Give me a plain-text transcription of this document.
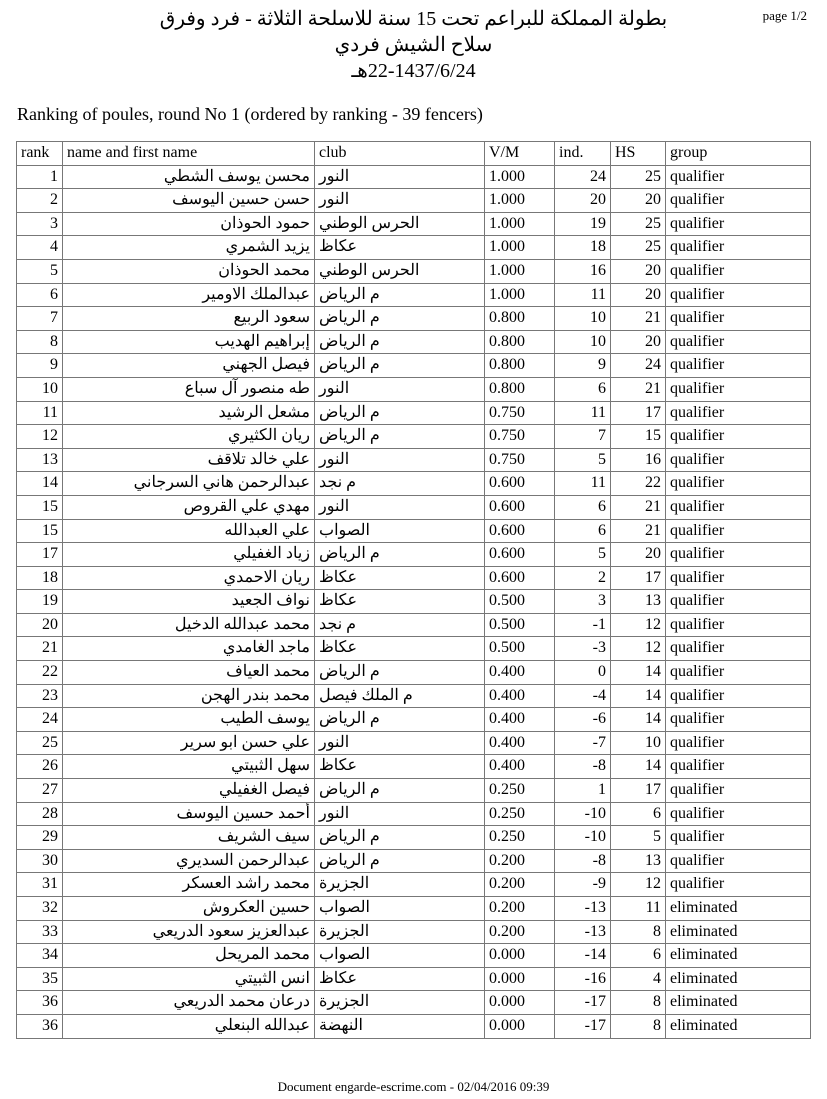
بطولة المملكة للبراعم تحت 15 سنة للاسلحة الثلاثة - فرد وفرق
سلاح الشيش فردي
22-1437/6/24هـ
page 1/2
Ranking of poules, round No 1 (ordered by ranking - 39 fencers)
rank	name and first name	club	V/M	ind.	HS	group
1	محسن يوسف الشطي	النور	1.000	24	25	qualifier
2	حسن حسين اليوسف	النور	1.000	20	20	qualifier
3	حمود الحوذان	الحرس الوطني	1.000	19	25	qualifier
4	يزيد الشمري	عكاظ	1.000	18	25	qualifier
5	محمد الحوذان	الحرس الوطني	1.000	16	20	qualifier
6	عبدالملك الاومير	م الرياض	1.000	11	20	qualifier
7	سعود الربيع	م الرياض	0.800	10	21	qualifier
8	إبراهيم الهديب	م الرياض	0.800	10	20	qualifier
9	فيصل الجهني	م الرياض	0.800	9	24	qualifier
10	طه منصور آل سباع	النور	0.800	6	21	qualifier
11	مشعل الرشيد	م الرياض	0.750	11	17	qualifier
12	ريان الكثيري	م الرياض	0.750	7	15	qualifier
13	علي خالد تلاقف	النور	0.750	5	16	qualifier
14	عبدالرحمن هاني السرجاني	م نجد	0.600	11	22	qualifier
15	مهدي علي القروص	النور	0.600	6	21	qualifier
15	علي العبدالله	الصواب	0.600	6	21	qualifier
17	زياد الغفيلي	م الرياض	0.600	5	20	qualifier
18	ريان الاحمدي	عكاظ	0.600	2	17	qualifier
19	نواف الجعيد	عكاظ	0.500	3	13	qualifier
20	محمد عبدالله الدخيل	م نجد	0.500	-1	12	qualifier
21	ماجد الغامدي	عكاظ	0.500	-3	12	qualifier
22	محمد العياف	م الرياض	0.400	0	14	qualifier
23	محمد بندر الهجن	م الملك فيصل	0.400	-4	14	qualifier
24	يوسف الطيب	م الرياض	0.400	-6	14	qualifier
25	علي حسن ابو سرير	النور	0.400	-7	10	qualifier
26	سهل الثبيتي	عكاظ	0.400	-8	14	qualifier
27	فيصل الغفيلي	م الرياض	0.250	1	17	qualifier
28	أحمد حسين اليوسف	النور	0.250	-10	6	qualifier
29	سيف الشريف	م الرياض	0.250	-10	5	qualifier
30	عبدالرحمن السديري	م الرياض	0.200	-8	13	qualifier
31	محمد راشد العسكر	الجزيرة	0.200	-9	12	qualifier
32	حسين العكروش	الصواب	0.200	-13	11	eliminated
33	عبدالعزيز سعود الدريعي	الجزيرة	0.200	-13	8	eliminated
34	محمد المريحل	الصواب	0.000	-14	6	eliminated
35	انس الثبيتي	عكاظ	0.000	-16	4	eliminated
36	درعان محمد الدريعي	الجزيرة	0.000	-17	8	eliminated
36	عبدالله البنعلي	النهضة	0.000	-17	8	eliminated
Document engarde-escrime.com - 02/04/2016 09:39
